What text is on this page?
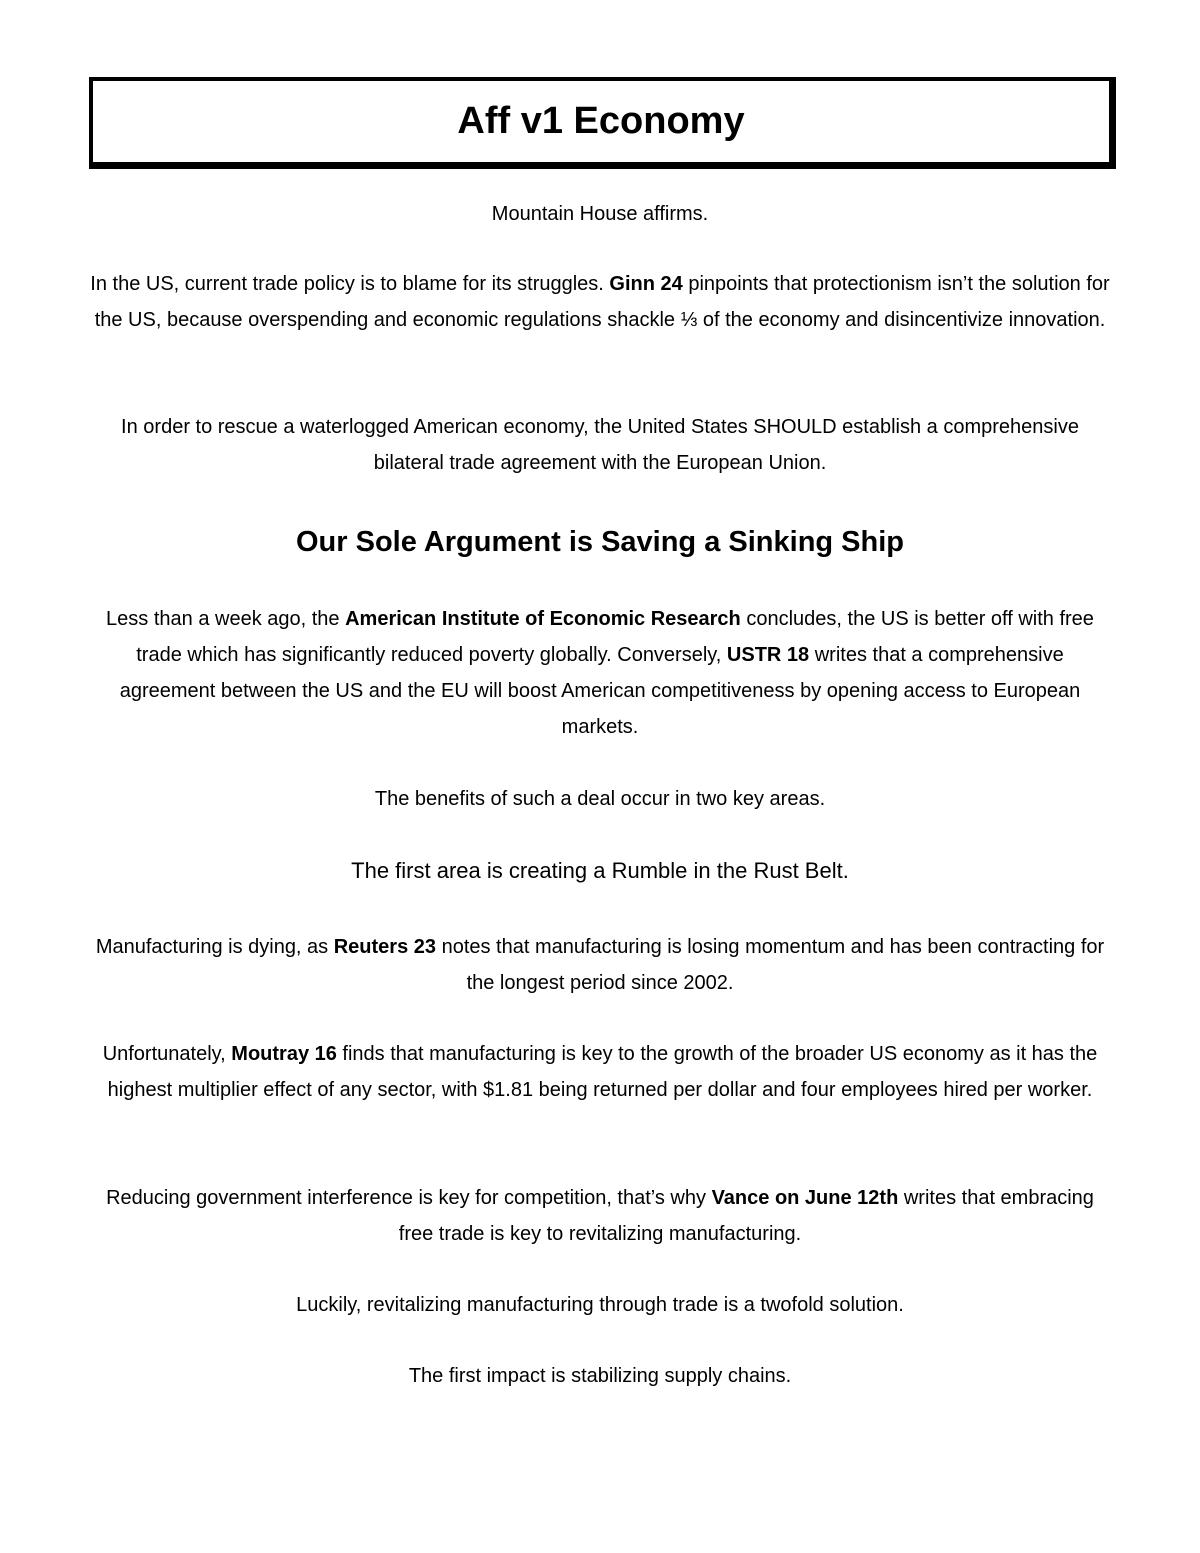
Aff v1 Economy
Mountain House affirms.
In the US, current trade policy is to blame for its struggles. Ginn 24 pinpoints that protectionism isn’t the solution for the US, because overspending and economic regulations shackle ⅓ of the economy and disincentivize innovation.
In order to rescue a waterlogged American economy, the United States SHOULD establish a comprehensive bilateral trade agreement with the European Union.
Our Sole Argument is Saving a Sinking Ship
Less than a week ago, the American Institute of Economic Research concludes, the US is better off with free trade which has significantly reduced poverty globally. Conversely, USTR 18 writes that a comprehensive agreement between the US and the EU will boost American competitiveness by opening access to European markets.
The benefits of such a deal occur in two key areas.
The first area is creating a Rumble in the Rust Belt.
Manufacturing is dying, as Reuters 23 notes that manufacturing is losing momentum and has been contracting for the longest period since 2002.
Unfortunately, Moutray 16 finds that manufacturing is key to the growth of the broader US economy as it has the highest multiplier effect of any sector, with $1.81 being returned per dollar and four employees hired per worker.
Reducing government interference is key for competition, that’s why Vance on June 12th writes that embracing free trade is key to revitalizing manufacturing.
Luckily, revitalizing manufacturing through trade is a twofold solution.
The first impact is stabilizing supply chains.
